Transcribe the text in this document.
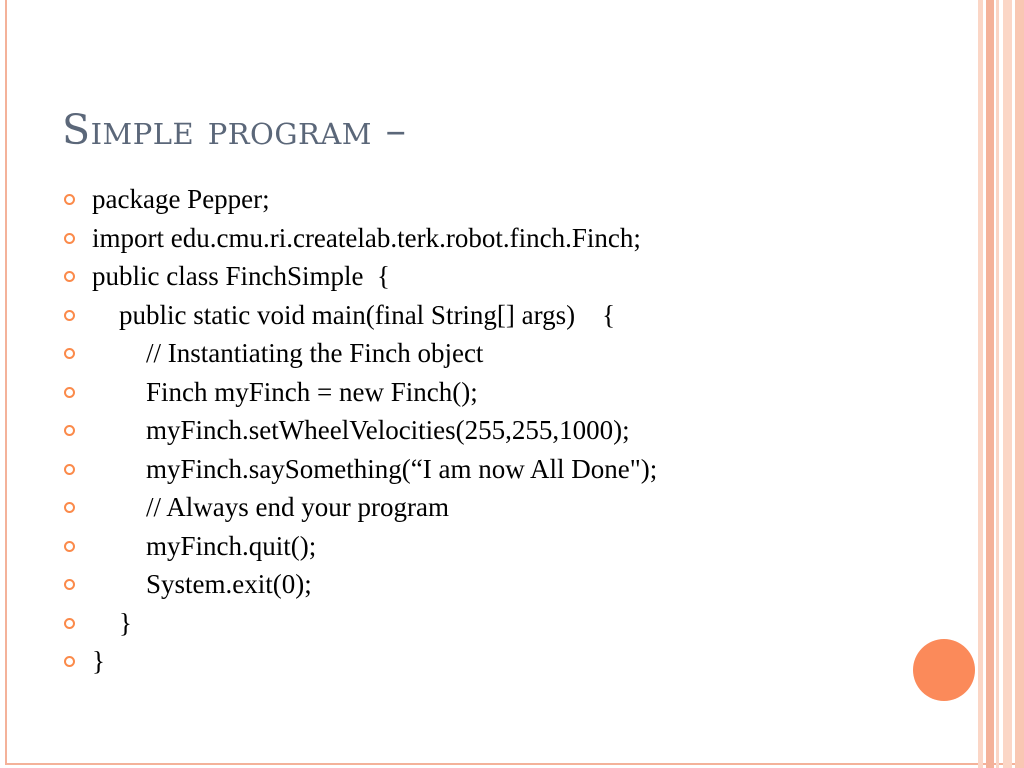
Simple program –
package Pepper;
import edu.cmu.ri.createlab.terk.robot.finch.Finch;
public class FinchSimple  {
public static void main(final String[] args)    {
// Instantiating the Finch object
Finch myFinch = new Finch();
myFinch.setWheelVelocities(255,255,1000);
myFinch.saySomething(“I am now All Done");
// Always end your program
myFinch.quit();
System.exit(0);
}
}
